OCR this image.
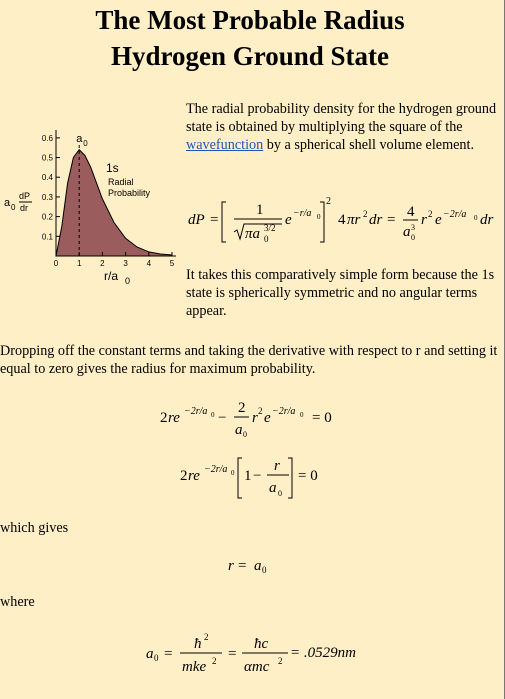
The Most Probable Radius
Hydrogen Ground State
0.6
0.5
0.4
0.3
0.2
0.1
0 1 2 3 4 5
a 0
1s
Radial
Probability
a 0
dP
dr
r/a 0
The radial probability density for the hydrogen ground state is obtained by multiplying the square of the wavefunction by a spherical shell volume element.
dP =
1
πa 0
3/2 e −r/a 0
2
4 πr 2 dr = 4
a 0
3 r 2 e −2r/a 0 dr
It takes this comparatively simple form because the 1s state is spherically symmetric and no angular terms appear.
Dropping off the constant terms and taking the derivative with respect to r and setting it equal to zero gives the radius for maximum probability.
2 re −2r/a 0 −
2
a 0
r 2 e −2r/a 0 = 0
2 re −2r/a 0 1 −
r
a 0
= 0
which gives
r = a 0
where
a 0 =
ħ 2
mke 2 =
ħc
αmc 2 = .0529nm
